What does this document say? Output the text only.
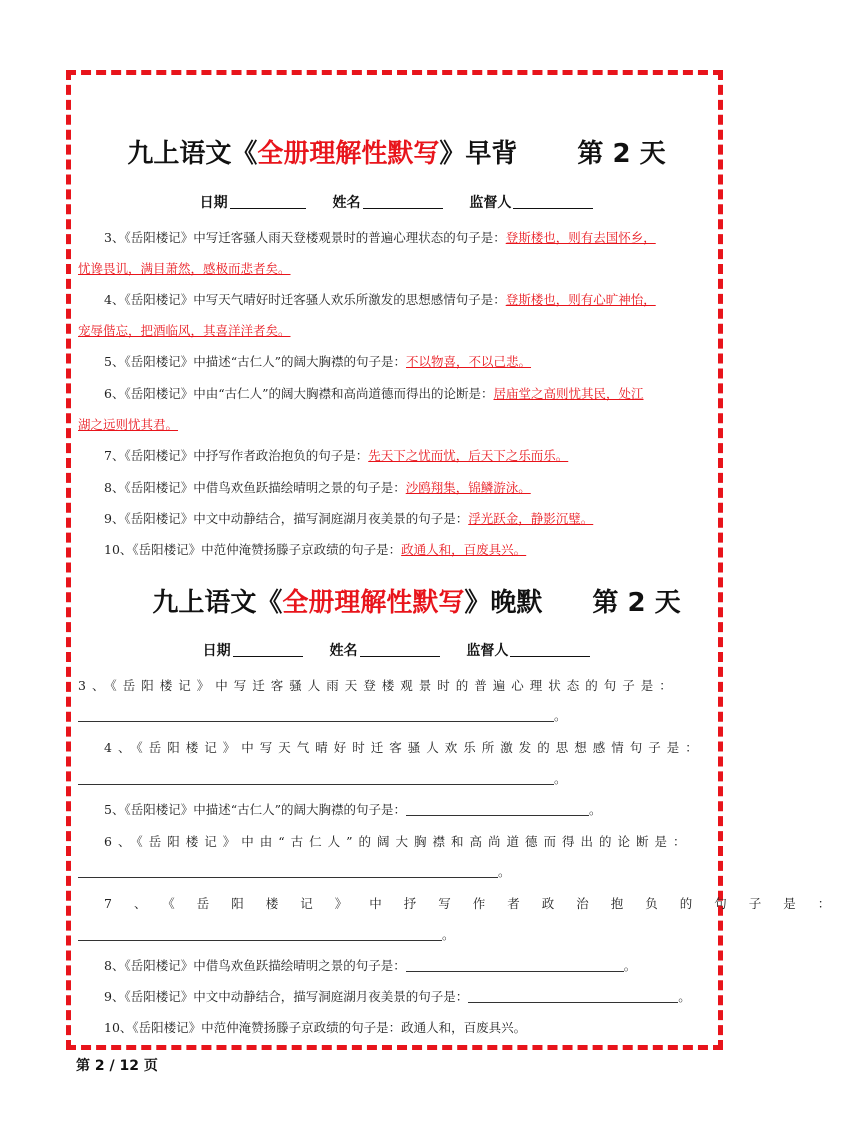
九上语文《全册理解性默写》早背 第 2 天
日期	姓名	监督人
3、《岳阳楼记》中写迁客骚人雨天登楼观景时的普遍心理状态的句子是：登斯楼也，则有去国怀乡，
忧谗畏讥，满目萧然，感极而悲者矣。
4、《岳阳楼记》中写天气晴好时迁客骚人欢乐所激发的思想感情句子是：登斯楼也，则有心旷神怡，
宠辱偕忘，把酒临风，其喜洋洋者矣。
5、《岳阳楼记》中描述“古仁人”的阔大胸襟的句子是：不以物喜，不以己悲。
6、《岳阳楼记》中由“古仁人”的阔大胸襟和高尚道德而得出的论断是：居庙堂之高则忧其民，处江
湖之远则忧其君。
7、《岳阳楼记》中抒写作者政治抱负的句子是：先天下之忧而忧，后天下之乐而乐。
8、《岳阳楼记》中借鸟欢鱼跃描绘晴明之景的句子是：沙鸥翔集，锦鳞游泳。
9、《岳阳楼记》中文中动静结合，描写洞庭湖月夜美景的句子是：浮光跃金，静影沉璧。
10、《岳阳楼记》中范仲淹赞扬滕子京政绩的句子是：政通人和，百废具兴。
九上语文《全册理解性默写》晚默 第 2 天
日期	姓名	监督人
3、《岳阳楼记》中写迁客骚人雨天登楼观景时的普遍心理状态的句子是：
。
4、《岳阳楼记》中写天气晴好时迁客骚人欢乐所激发的思想感情句子是：
。
5、《岳阳楼记》中描述“古仁人”的阔大胸襟的句子是：	。
6、《岳阳楼记》中由“古仁人”的阔大胸襟和高尚道德而得出的论断是：
。
7、《岳阳楼记》中抒写作者政治抱负的句子是：
。
8、《岳阳楼记》中借鸟欢鱼跃描绘晴明之景的句子是：	。
9、《岳阳楼记》中文中动静结合，描写洞庭湖月夜美景的句子是：	。
10、《岳阳楼记》中范仲淹赞扬滕子京政绩的句子是：政通人和，百废具兴。
第 2 / 12 页
